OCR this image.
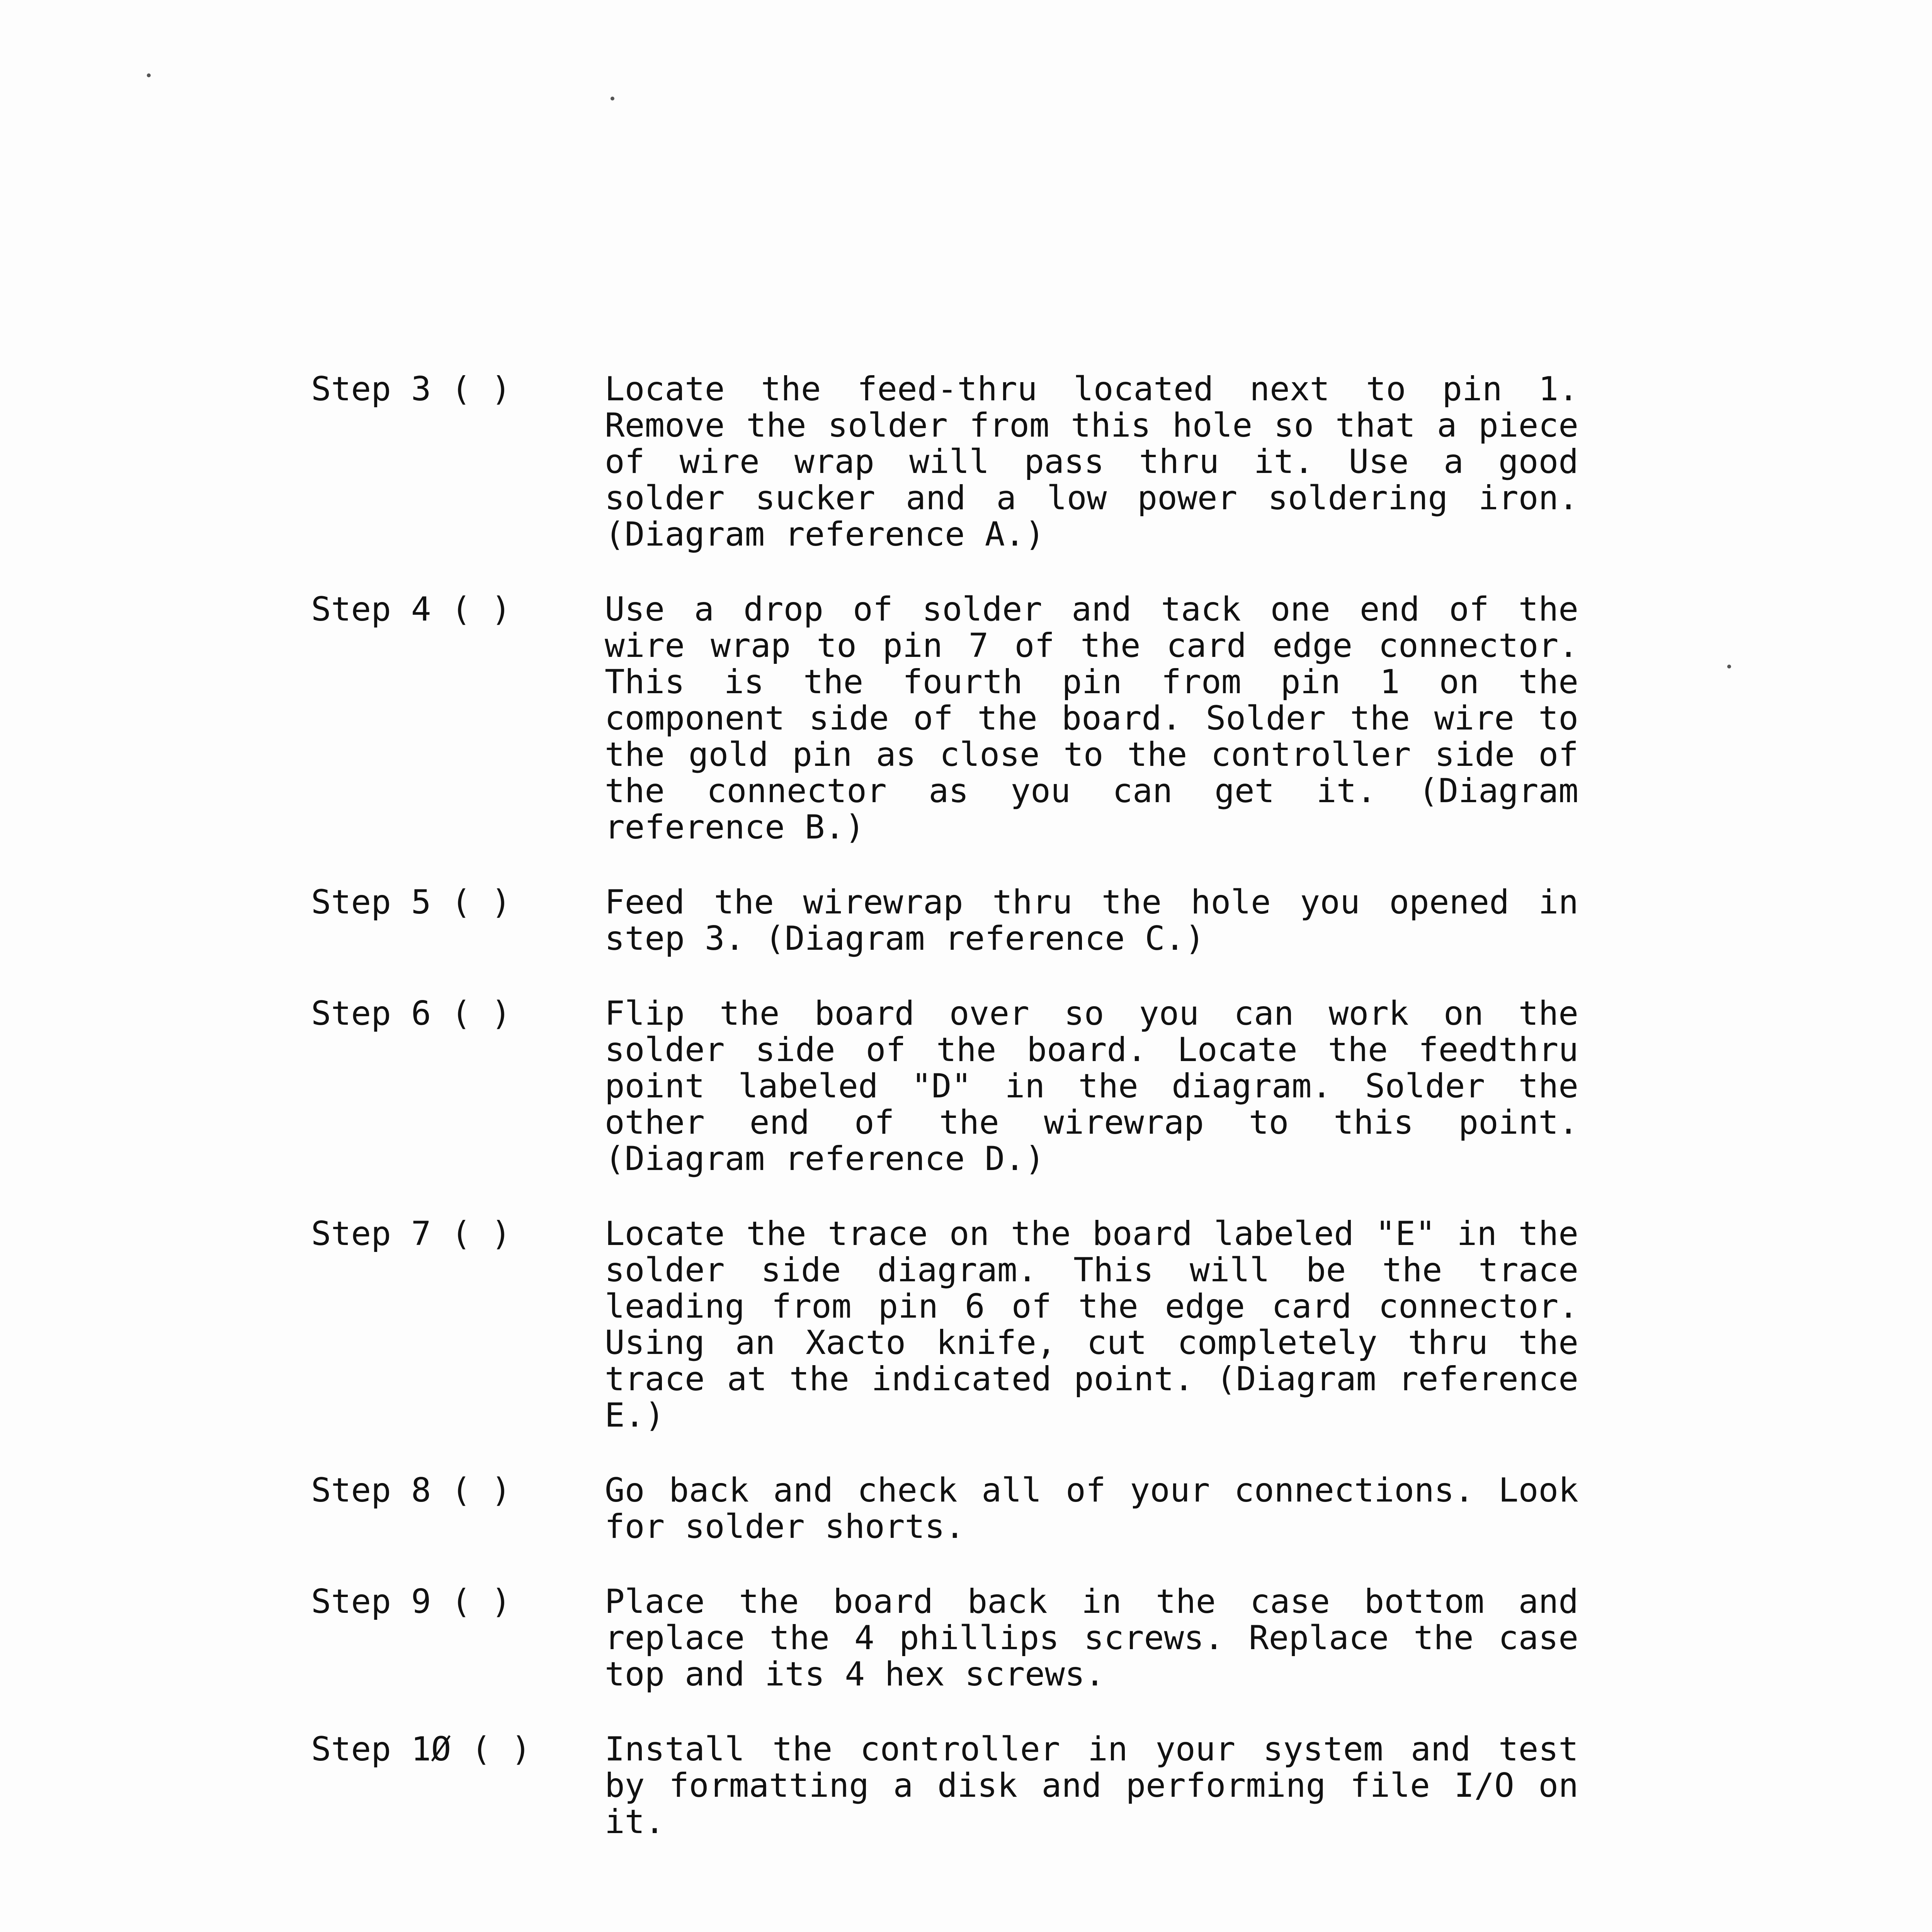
Step 3 ( )	Locate the feed-thru located next to pin 1. Remove the solder from this hole so that a piece of wire wrap will pass thru it. Use a good solder sucker and a low power soldering iron. (Diagram reference A.)
Step 4 ( )	Use a drop of solder and tack one end of the wire wrap to pin 7 of the card edge connector. This is the fourth pin from pin 1 on the component side of the board. Solder the wire to the gold pin as close to the controller side of the connector as you can get it. (Diagram reference B.)
Step 5 ( )	Feed the wirewrap thru the hole you opened in step 3. (Diagram reference C.)
Step 6 ( )	Flip the board over so you can work on the solder side of the board. Locate the feedthru point labeled "D" in the diagram. Solder the other end of the wirewrap to this point. (Diagram reference D.)
Step 7 ( )	Locate the trace on the board labeled "E" in the solder side diagram. This will be the trace leading from pin 6 of the edge card connector. Using an Xacto knife, cut completely thru the trace at the indicated point. (Diagram reference E.)
Step 8 ( )	Go back and check all of your connections. Look for solder shorts.
Step 9 ( )	Place the board back in the case bottom and replace the 4 phillips screws. Replace the case top and its 4 hex screws.
Step 1Ø ( )	Install the controller in your system and test by formatting a disk and performing file I/O on it.
